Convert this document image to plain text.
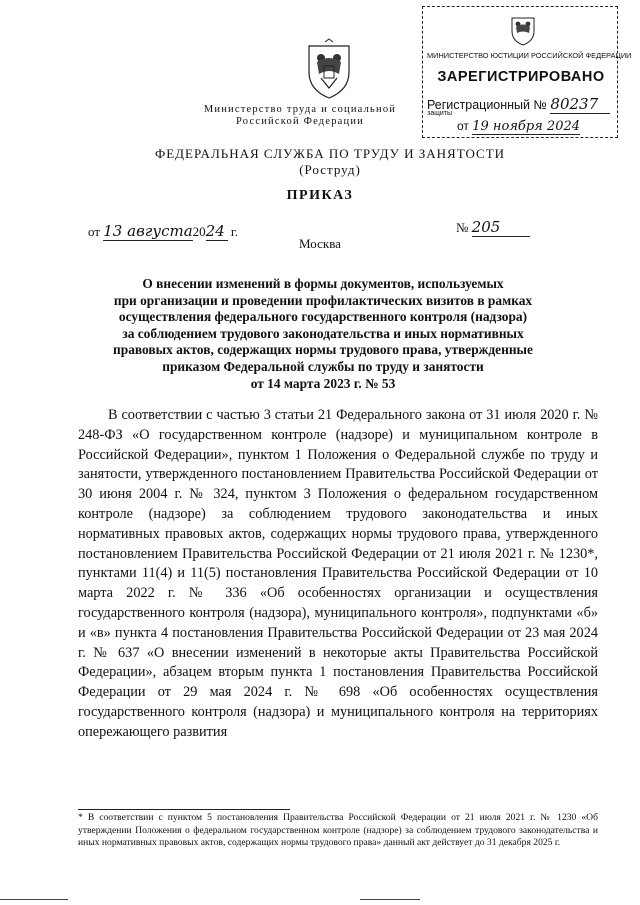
Министерство труда и социальной
Российской Федерации
МИНИСТЕРСТВО ЮСТИЦИИ РОССИЙСКОЙ ФЕДЕРАЦИИ
ЗАРЕГИСТРИРОВАНО
Регистрационный № 80237
защиты
от 19 ноября 2024
ФЕДЕРАЛЬНАЯ СЛУЖБА ПО ТРУДУ И ЗАНЯТОСТИ
(Роструд)
ПРИКАЗ
от 13 августа2024 г.	№ 205
Москва
О внесении изменений в формы документов, используемых
при организации и проведении профилактических визитов в рамках
осуществления федерального государственного контроля (надзора)
за соблюдением трудового законодательства и иных нормативных
правовых актов, содержащих нормы трудового права, утвержденные
приказом Федеральной службы по труду и занятости
от 14 марта 2023 г. № 53

В соответствии с частью 3 статьи 21 Федерального закона от 31 июля 2020 г. № 248-ФЗ «О государственном контроле (надзоре) и муниципальном контроле в Российской Федерации», пунктом 1 Положения о Федеральной службе по труду и занятости, утвержденного постановлением Правительства Российской Федерации от 30 июня 2004 г. № 324, пунктом 3 Положения о федеральном государственном контроле (надзоре) за соблюдением трудового законодательства и иных нормативных правовых актов, содержащих нормы трудового права, утвержденного постановлением Правительства Российской Федерации от 21 июля 2021 г. № 1230*, пунктами 11(4) и 11(5) постановления Правительства Российской Федерации от 10 марта 2022 г. № 336 «Об особенностях организации и осуществления государственного контроля (надзора), муниципального контроля», подпунктами «б» и «в» пункта 4 постановления Правительства Российской Федерации от 23 мая 2024 г. № 637 «О внесении изменений в некоторые акты Правительства Российской Федерации», абзацем вторым пункта 1 постановления Правительства Российской Федерации от 29 мая 2024 г. № 698 «Об особенностях осуществления государственного контроля (надзора) и муниципального контроля на территориях опережающего развития

* В соответствии с пунктом 5 постановления Правительства Российской Федерации от 21 июля 2021 г. № 1230 «Об утверждении Положения о федеральном государственном контроле (надзоре) за соблюдением трудового законодательства и иных нормативных правовых актов, содержащих нормы трудового права» данный акт действует до 31 декабря 2025 г.
